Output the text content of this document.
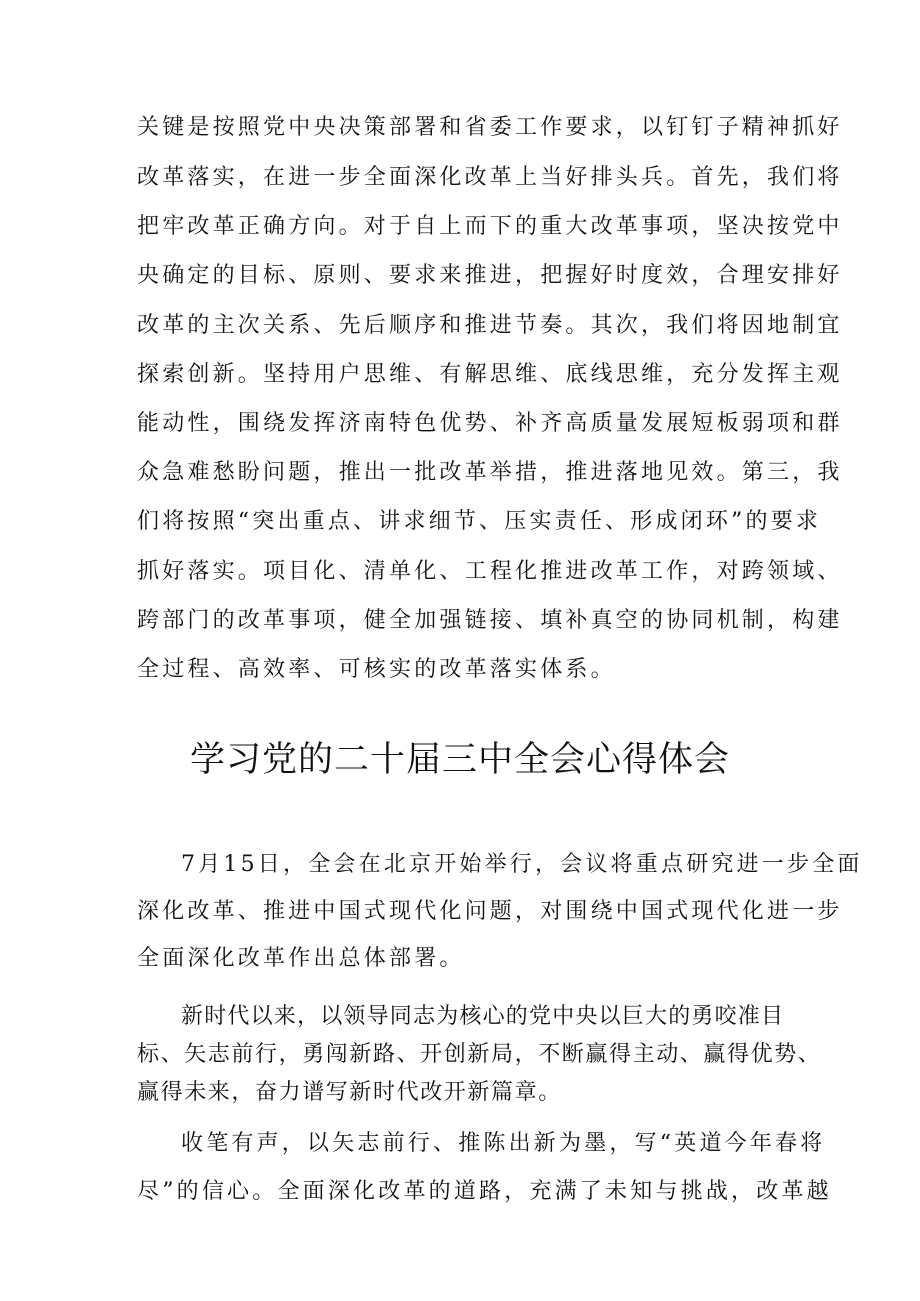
关键是按照党中央决策部署和省委工作要求，以钉钉子精神抓好
改革落实，在进一步全面深化改革上当好排头兵。首先，我们将
把牢改革正确方向。对于自上而下的重大改革事项，坚决按党中
央确定的目标、原则、要求来推进，把握好时度效，合理安排好
改革的主次关系、先后顺序和推进节奏。其次，我们将因地制宜
探索创新。坚持用户思维、有解思维、底线思维，充分发挥主观
能动性，围绕发挥济南特色优势、补齐高质量发展短板弱项和群
众急难愁盼问题，推出一批改革举措，推进落地见效。第三，我
们将按照“突出重点、讲求细节、压实责任、形成闭环”的要求
抓好落实。项目化、清单化、工程化推进改革工作，对跨领域、
跨部门的改革事项，健全加强链接、填补真空的协同机制，构建
全过程、高效率、可核实的改革落实体系。
学习党的二十届三中全会心得体会
7月15日，全会在北京开始举行，会议将重点研究进一步全面
深化改革、推进中国式现代化问题，对围绕中国式现代化进一步
全面深化改革作出总体部署。
新时代以来，以领导同志为核心的党中央以巨大的勇咬准目
标、矢志前行，勇闯新路、开创新局，不断赢得主动、赢得优势、
赢得未来，奋力谱写新时代改开新篇章。
收笔有声，以矢志前行、推陈出新为墨，写“英道今年春将
尽”的信心。全面深化改革的道路，充满了未知与挑战，改革越
